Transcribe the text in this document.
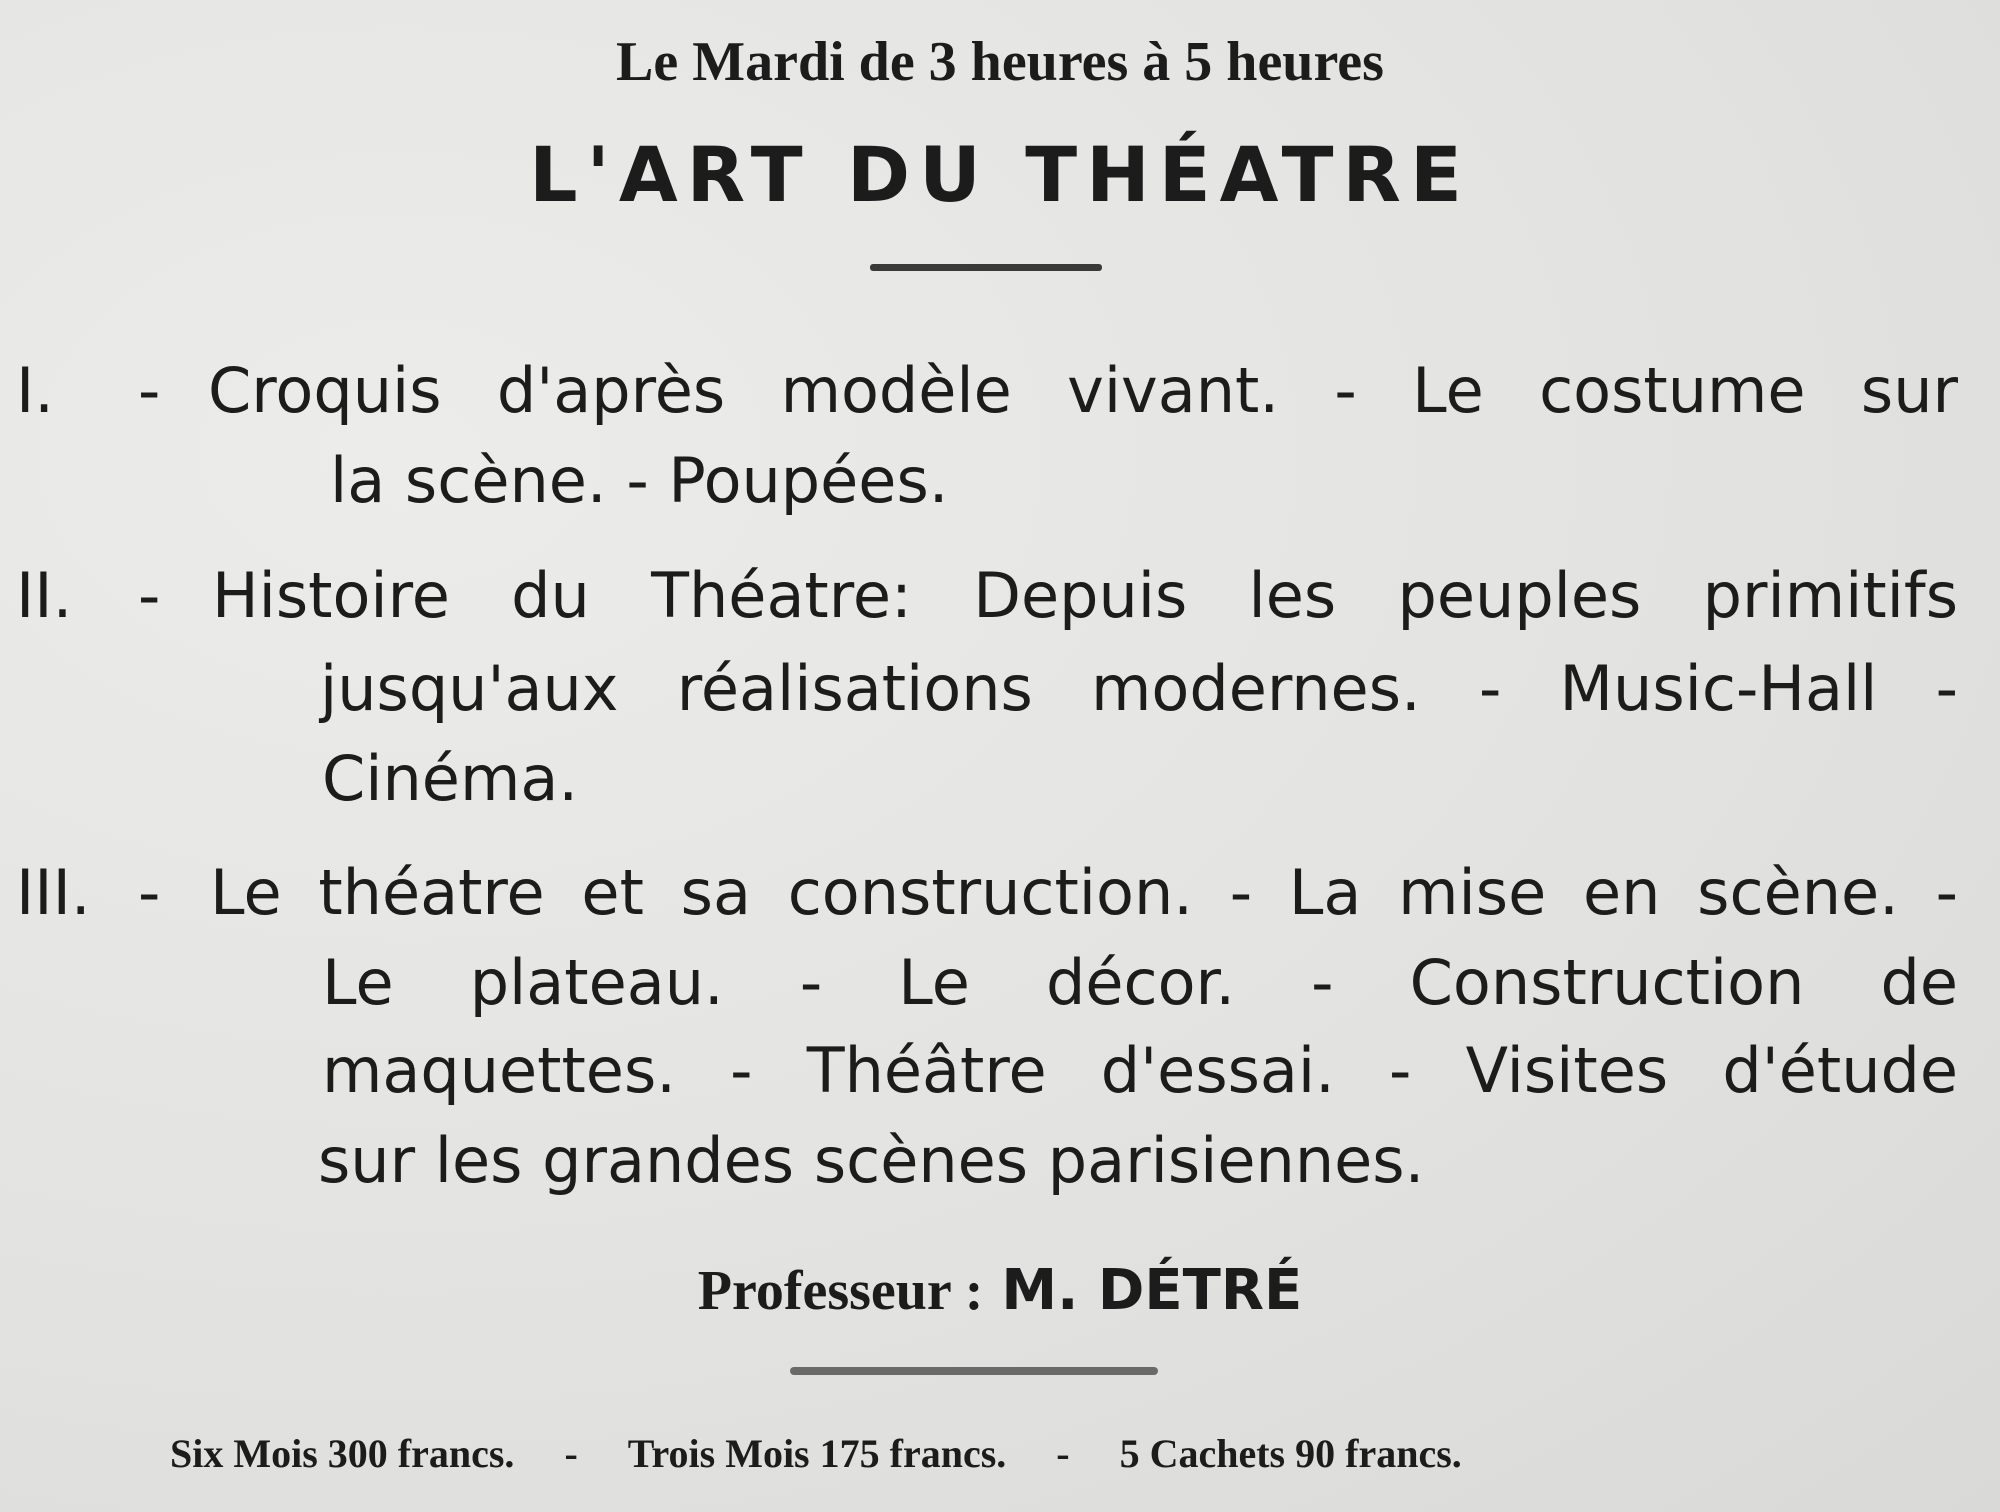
Le Mardi de 3 heures à 5 heures
L'ART DU THÉATRE
I. - Croquis d'après modèle vivant. - Le costume sur
la scène. - Poupées.
II. - Histoire du Théatre: Depuis les peuples primitifs
jusqu'aux réalisations modernes. - Music-Hall -
Cinéma.
III. - Le théatre et sa construction. - La mise en scène. -
Le plateau. - Le décor. - Construction de
maquettes. - Théâtre d'essai. - Visites d'étude
sur les grandes scènes parisiennes.
Professeur : M. DÉTRÉ
Six Mois 300 francs. - Trois Mois 175 francs. - 5 Cachets 90 francs.
